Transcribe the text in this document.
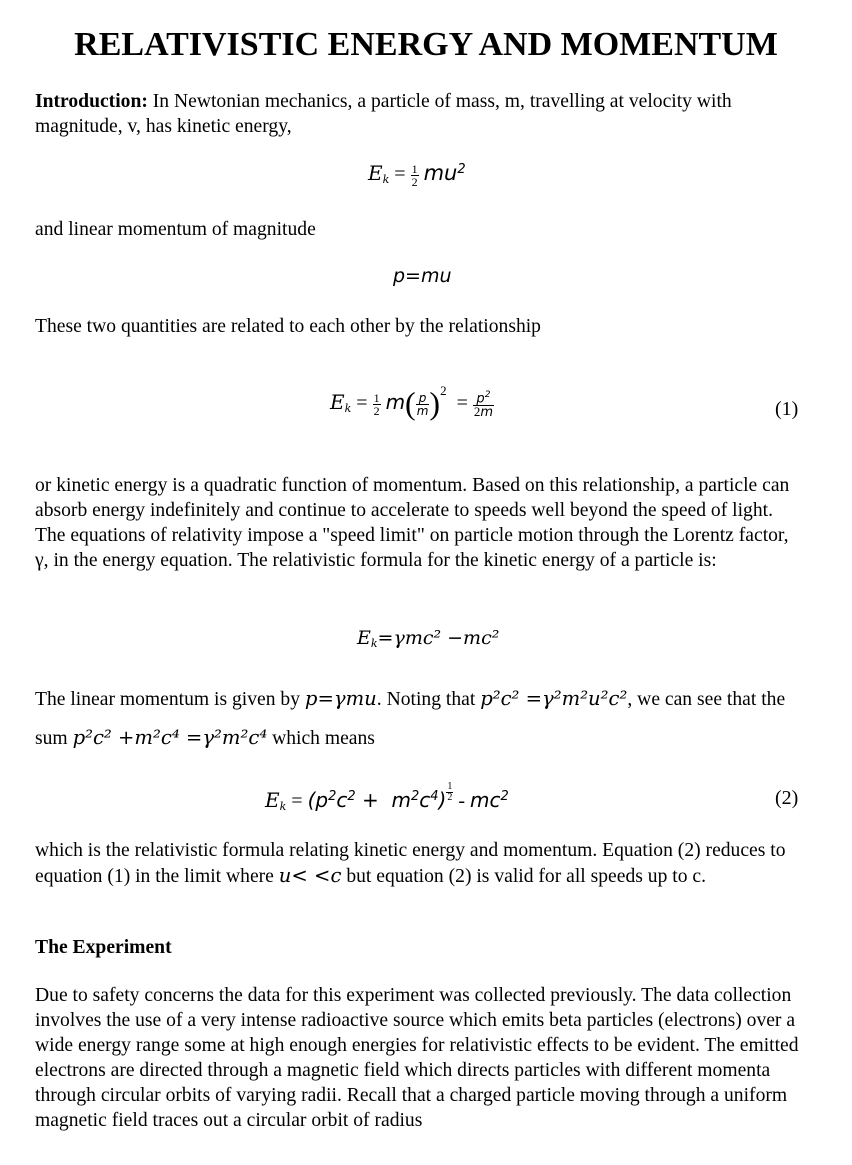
RELATIVISTIC ENERGY AND MOMENTUM

Introduction: In Newtonian mechanics, a particle of mass, m, travelling at velocity with magnitude, v, has kinetic energy,

$E_k = \frac{1}{2} mu^2$

and linear momentum of magnitude

p=mu

These two quantities are related to each other by the relationship

$E_k = \frac{1}{2} m( \frac{p}{m} )^2 = \frac{p^2}{2m}$	(1)

or kinetic energy is a quadratic function of momentum. Based on this relationship, a particle can absorb energy indefinitely and continue to accelerate to speeds well beyond the speed of light. The equations of relativity impose a "speed limit" on particle motion through the Lorentz factor, γ, in the energy equation. The relativistic formula for the kinetic energy of a particle is:

$E_k=\gamma mc^2 -mc^2$

The linear momentum is given by p=γmu. Noting that p²c² =γ²m²u²c², we can see that the
sum p²c² +m²c⁴ =γ²m²c⁴ which means

$E_k = (p^2c^2 + m^2c^4) \frac{1}{2} - mc^2$	(2)

which is the relativistic formula relating kinetic energy and momentum. Equation (2) reduces to equation (1) in the limit where u< <c but equation (2) is valid for all speeds up to c.

The Experiment

Due to safety concerns the data for this experiment was collected previously. The data collection involves the use of a very intense radioactive source which emits beta particles (electrons) over a wide energy range some at high enough energies for relativistic effects to be evident. The emitted electrons are directed through a magnetic field which directs particles with different momenta through circular orbits of varying radii. Recall that a charged particle moving through a uniform magnetic field traces out a circular orbit of radius
